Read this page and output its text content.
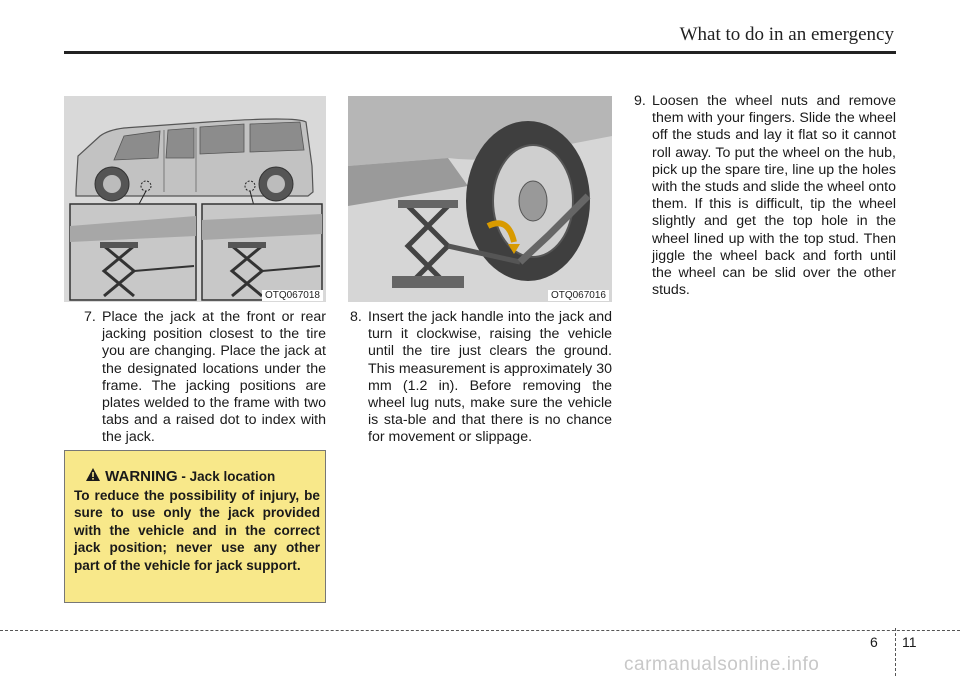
What to do in an emergency
OTQ067018	OTQ067016
7. Place the jack at the front or rear jacking position closest to the tire you are changing. Place the jack at the designated locations under the frame. The jacking positions are plates welded to the frame with two tabs and a raised dot to index with the jack.
8. Insert the jack handle into the jack and turn it clockwise, raising the vehicle until the tire just clears the ground. This measurement is approximately 30 mm (1.2 in). Before removing the wheel lug nuts, make sure the vehicle is sta-ble and that there is no chance for movement or slippage.
9. Loosen the wheel nuts and remove them with your fingers. Slide the wheel off the studs and lay it flat so it cannot roll away. To put the wheel on the hub, pick up the spare tire, line up the holes with the studs and slide the wheel onto them. If this is difficult, tip the wheel slightly and get the top hole in the wheel lined up with the top stud. Then jiggle the wheel back and forth until the wheel can be slid over the other studs.
WARNING - Jack location
To reduce the possibility of injury, be sure to use only the jack provided with the vehicle and in the correct jack position; never use any other part of the vehicle for jack support.
6 11
carmanualsonline.info
